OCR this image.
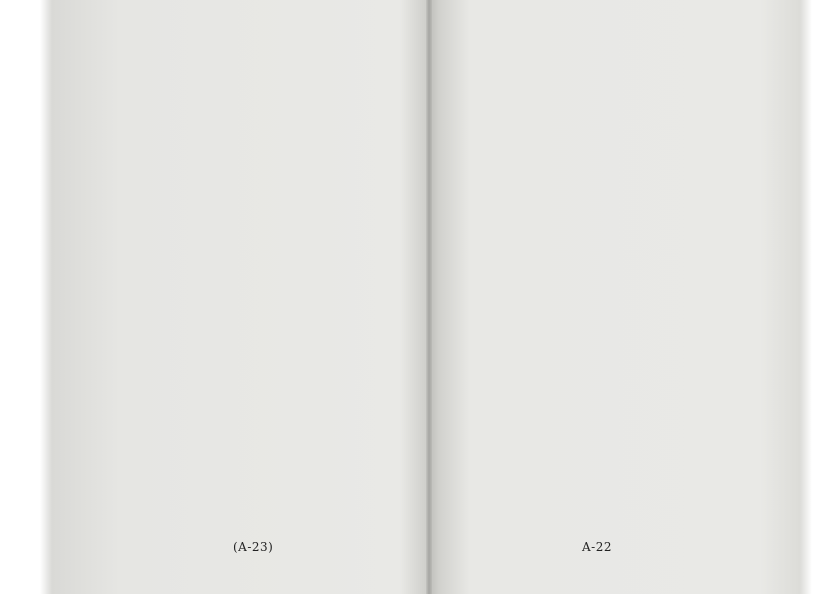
(A-23)	A-22
